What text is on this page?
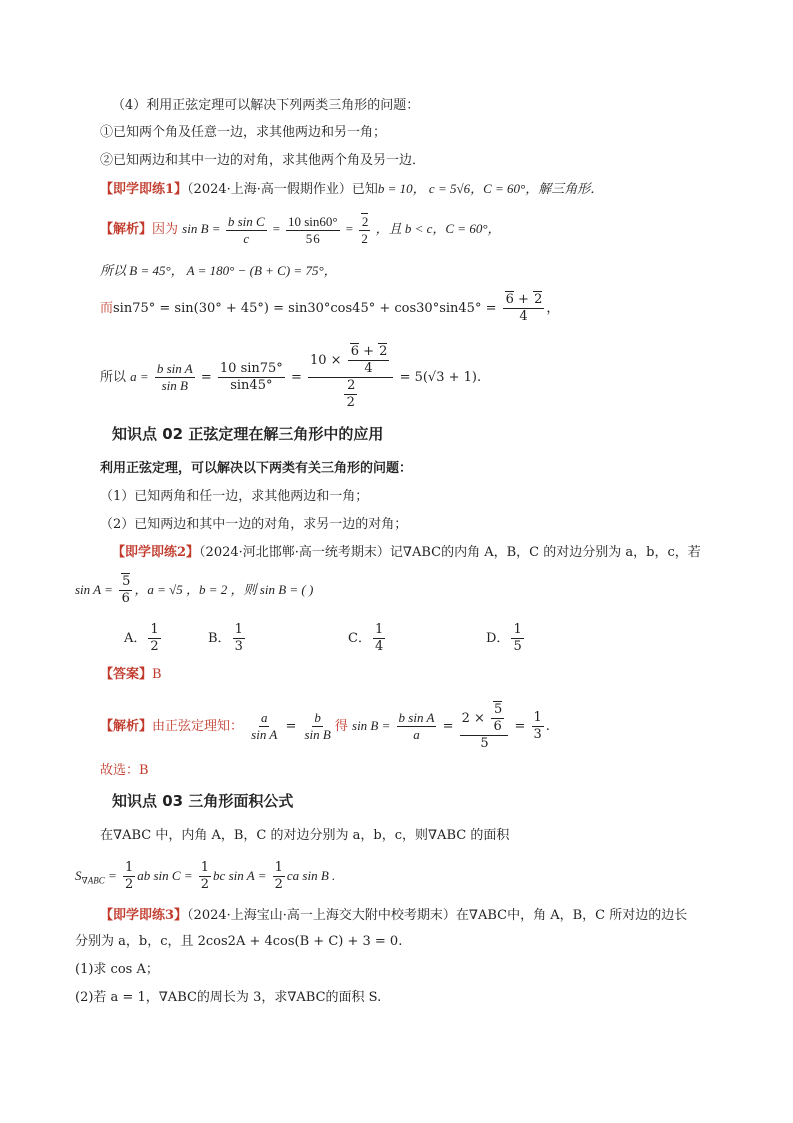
（4）利用正弦定理可以解决下列两类三角形的问题：
①已知两个角及任意一边，求其他两边和另一角；
②已知两边和其中一边的对角，求其他两个角及另一边．
【即学即练1】（2024·上海·高一假期作业）已知b = 10， c = 5√6，C = 60°，解三角形．
【解析】因为 $\sin B = \frac{\text{b sin C}}{c} = \frac{10 \sin 60^\circ}{56} = \frac{2}{2}$ ，且 b < c，C = 60°，
所以 B = 45°， A = 180° − (B + C) = 75°，
而$\sin 75^\circ = \sin(30^\circ + 45^\circ) = \sin 30^\circ\cos 45^\circ + \cos 30^\circ\sin 45^\circ = \frac{6 + 2}{4}$ ，
所以 $a = \frac{\text{b sin A}}{\text{sin B}} = \frac{10 \sin 75^\circ}{\sin 45^\circ} = \frac{10 \times \frac{6 + 2}{4}}{\frac{2}{2}} = 5(√3 + 1)$.
知识点 02 正弦定理在解三角形中的应用
利用正弦定理，可以解决以下两类有关三角形的问题：
（1）已知两角和任一边，求其他两边和一角；
（2）已知两边和其中一边的对角，求另一边的对角；
【即学即练2】（2024·河北邯郸·高一统考期末）记∇ABC的内角 A，B，C 的对边分别为 a，b，c，若
$\sin A = \frac{5}{6}$ ，a = √5 ，b = 2 ，则 sin B = ( )
A． $\frac{1}{2}$	B． $\frac{1}{3}$	C． $\frac{1}{4}$	D． $\frac{1}{5}$
【答案】B
【解析】由正弦定理知： $\frac{a}{\text{sin A}} = \frac{b}{\text{sin B}}$ 得 $\sin B = \frac{\text{b sin A}}{a} = \frac{2 \times \frac{5}{6}}{5} = \frac{1}{3}$ .
故选：B
知识点 03 三角形面积公式
在∇ABC 中，内角 A，B，C 的对边分别为 a，b，c，则∇ABC 的面积
$S_{\nabla ABC} = \frac{1}{2}$ ab $\sin C = \frac{1}{2}$ bc $\sin A = \frac{1}{2}$ ca sin B .
【即学即练3】（2024·上海宝山·高一上海交大附中校考期末）在∇ABC中，角 A，B，C 所对边的边长
分别为 a，b，c，且 2cos2A + 4cos(B + C) + 3 = 0.
(1)求 cos A；
(2)若 a = 1，∇ABC的周长为 3，求∇ABC的面积 S.
